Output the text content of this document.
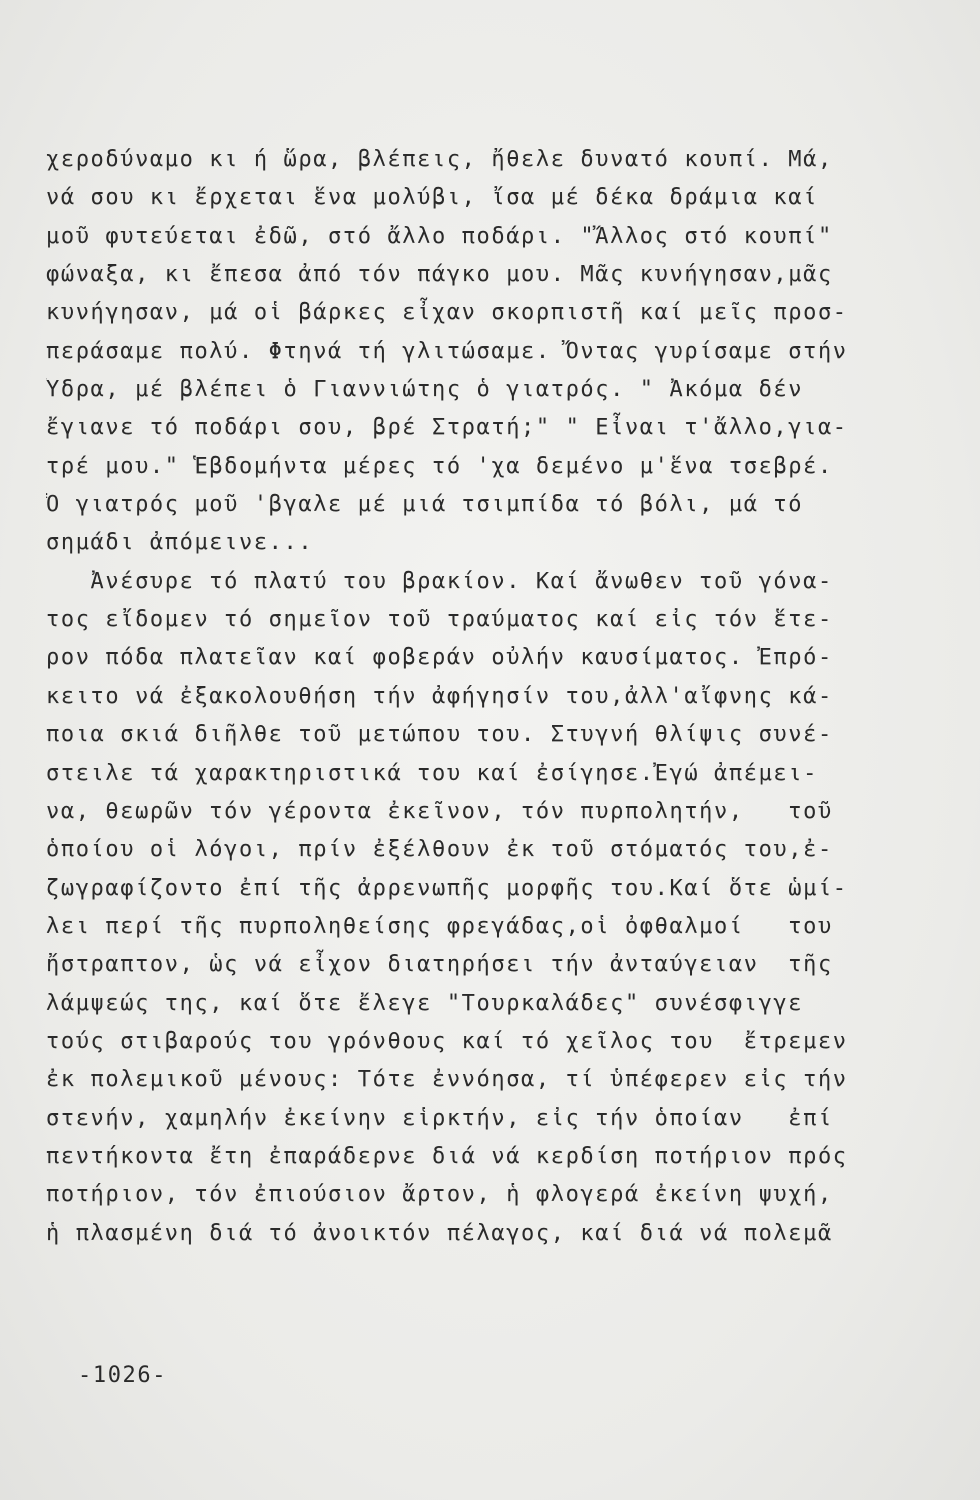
χεροδύναμο κι ή ὥρα, βλέπεις, ἤθελε δυνατό κουπί. Μά,
νά σου κι ἔρχεται ἕνα μολύβι, ἴσα μέ δέκα δράμια καί
μοῦ φυτεύεται ἐδῶ, στό ἄλλο ποδάρι. "Ἄλλος στό κουπί"
φώναξα, κι ἔπεσα ἀπό τόν πάγκο μου. Μᾶς κυνήγησαν,μᾶς
κυνήγησαν, μά οἱ βάρκες εἶχαν σκορπιστῆ καί μεῖς προσ-
περάσαμε πολύ. Φτηνά τή γλιτώσαμε. Ὄντας γυρίσαμε στήν
Ὕδρα, μέ βλέπει ὁ Γιαννιώτης ὁ γιατρός. " Ἀκόμα δέν
ἔγιανε τό ποδάρι σου, βρέ Στρατή;" " Εἶναι τ'ἄλλο,για-
τρέ μου." Ἑβδομήντα μέρες τό 'χα δεμένο μ'ἕνα τσεβρέ.
Ὁ γιατρός μοῦ 'βγαλε μέ μιά τσιμπίδα τό βόλι, μά τό
σημάδι ἀπόμεινε...
Ἀνέσυρε τό πλατύ του βρακίον. Καί ἄνωθεν τοῦ γόνα-
τος εἴδομεν τό σημεῖον τοῦ τραύματος καί εἰς τόν ἕτε-
ρον πόδα πλατεῖαν καί φοβεράν οὐλήν καυσίματος. Ἐπρό-
κειτο νά ἐξακολουθήση τήν ἀφήγησίν του,ἀλλ'αἴφνης κά-
ποια σκιά διῆλθε τοῦ μετώπου του. Στυγνή θλίψις συνέ-
στειλε τά χαρακτηριστικά του καί ἐσίγησε.Ἐγώ ἀπέμει-
να, θεωρῶν τόν γέροντα ἐκεῖνον, τόν πυρπολητήν,   τοῦ
ὁποίου οἱ λόγοι, πρίν ἐξέλθουν ἐκ τοῦ στόματός του,ἐ-
ζωγραφίζοντο ἐπί τῆς ἀρρενωπῆς μορφῆς του.Καί ὅτε ὡμί-
λει περί τῆς πυρποληθείσης φρεγάδας,οἱ ὀφθαλμοί   του
ἤστραπτον, ὡς νά εἶχον διατηρήσει τήν ἀνταύγειαν  τῆς
λάμψεώς της, καί ὅτε ἔλεγε "Τουρκαλάδες" συνέσφιγγε
τούς στιβαρούς του γρόνθους καί τό χεῖλος του  ἔτρεμεν
ἐκ πολεμικοῦ μένους: Τότε ἐννόησα, τί ὑπέφερεν εἰς τήν
στενήν, χαμηλήν ἐκείνην εἱρκτήν, εἰς τήν ὁποίαν   ἐπί
πεντήκοντα ἔτη ἐπαράδερνε διά νά κερδίση ποτήριον πρός
ποτήριον, τόν ἐπιούσιον ἄρτον, ἡ φλογερά ἐκείνη ψυχή,
ἡ πλασμένη διά τό ἀνοικτόν πέλαγος, καί διά νά πολεμᾶ
-1026-
